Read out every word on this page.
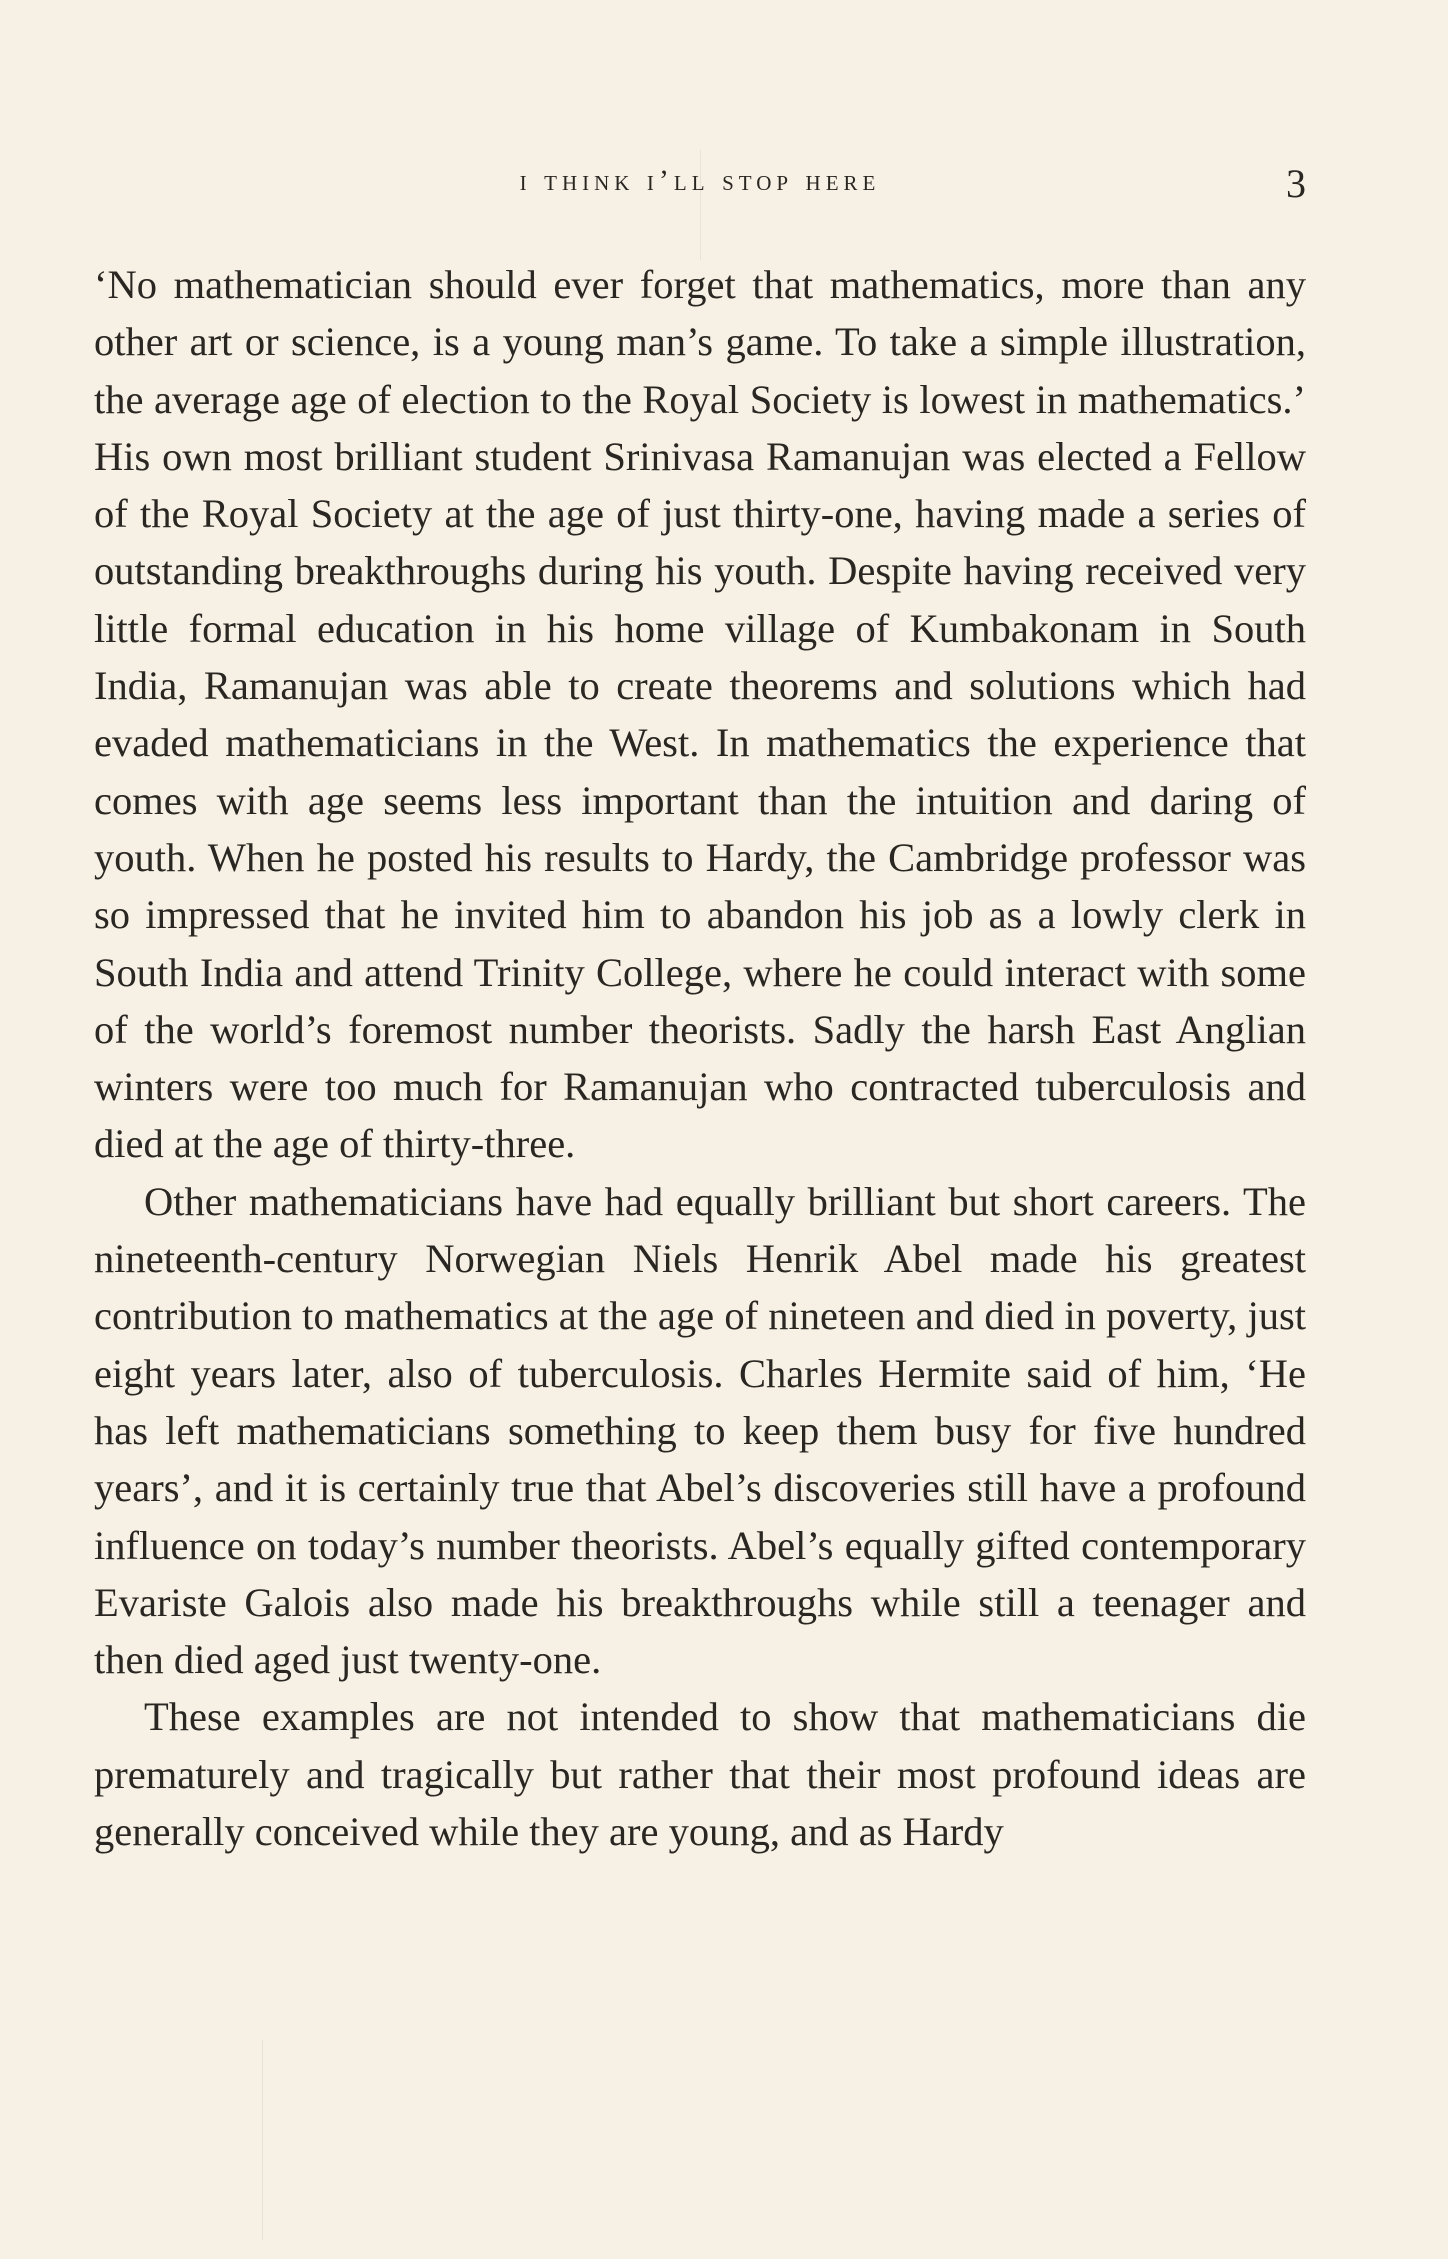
i think i’ll stop here	3

‘No mathematician should ever forget that mathematics, more than any other art or science, is a young man’s game. To take a simple illustration, the average age of election to the Royal Society is lowest in mathematics.’ His own most brilliant student Srinivasa Ramanujan was elected a Fellow of the Royal Society at the age of just thirty-one, having made a series of outstanding breakthroughs during his youth. Despite having received very little formal education in his home village of Kumbakonam in South India, Ramanujan was able to create theorems and solutions which had evaded mathematicians in the West. In mathematics the experience that comes with age seems less important than the intuition and daring of youth. When he posted his results to Hardy, the Cambridge professor was so impressed that he invited him to abandon his job as a lowly clerk in South India and attend Trinity College, where he could interact with some of the world’s foremost number theorists. Sadly the harsh East Anglian winters were too much for Ramanujan who contracted tuberculosis and died at the age of thirty-three.

Other mathematicians have had equally brilliant but short careers. The nineteenth-century Norwegian Niels Henrik Abel made his greatest contribution to mathematics at the age of nineteen and died in poverty, just eight years later, also of tuberculosis. Charles Hermite said of him, ‘He has left mathematicians something to keep them busy for five hundred years’, and it is certainly true that Abel’s discoveries still have a profound influence on today’s number theorists. Abel’s equally gifted contemporary Evariste Galois also made his breakthroughs while still a teenager and then died aged just twenty-one.

These examples are not intended to show that mathematicians die prematurely and tragically but rather that their most profound ideas are generally conceived while they are young, and as Hardy
